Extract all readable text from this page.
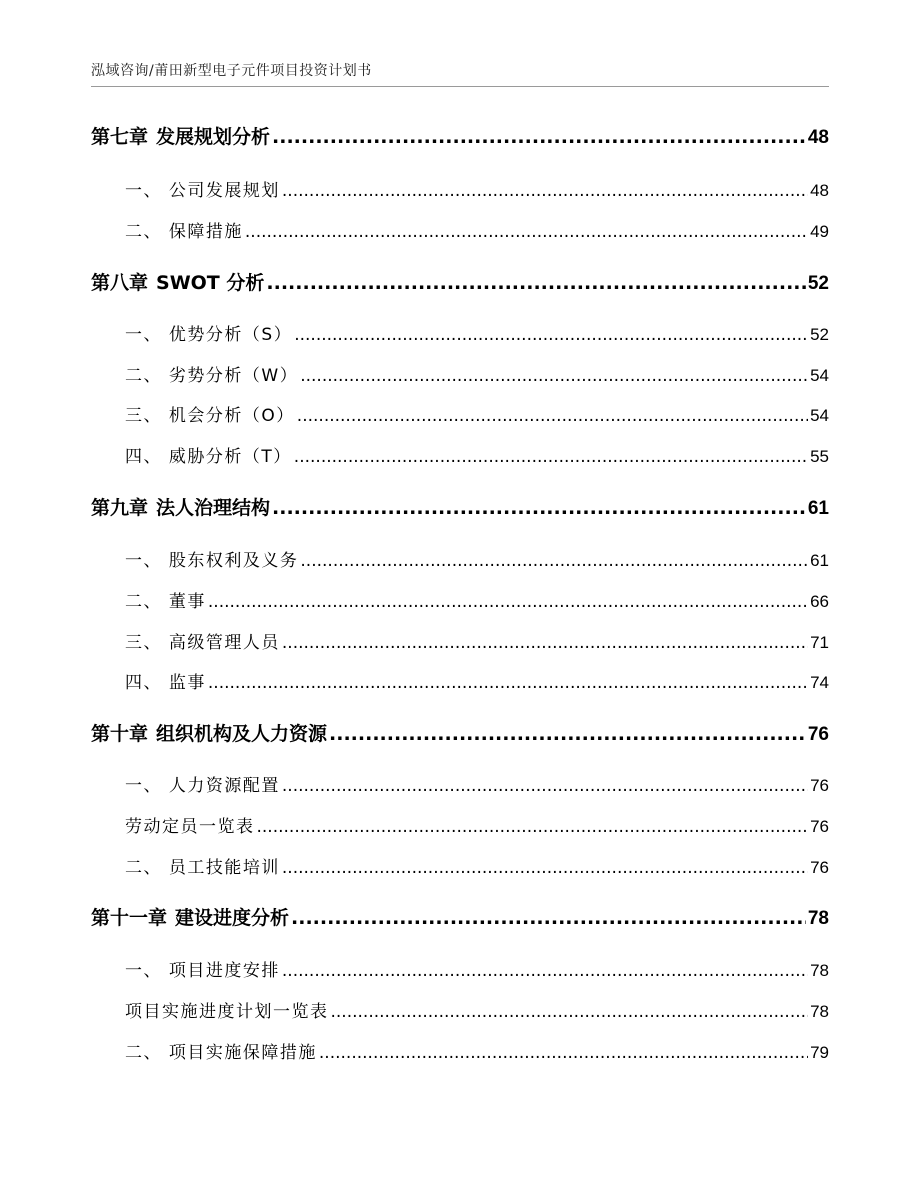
泓域咨询/莆田新型电子元件项目投资计划书
第七章 发展规划分析 .....	48
一、 公司发展规划 .....	48
二、 保障措施 .....	49
第八章 SWOT 分析 .....	52
一、 优势分析（S） .....	52
二、 劣势分析（W） .....	54
三、 机会分析（O） .....	54
四、 威胁分析（T） .....	55
第九章 法人治理结构 .....	61
一、 股东权利及义务 .....	61
二、 董事 .....	66
三、 高级管理人员 .....	71
四、 监事 .....	74
第十章 组织机构及人力资源 .....	76
一、 人力资源配置 .....	76
劳动定员一览表 .....	76
二、 员工技能培训 .....	76
第十一章 建设进度分析 .....	78
一、 项目进度安排 .....	78
项目实施进度计划一览表 .....	78
二、 项目实施保障措施 .....	79
